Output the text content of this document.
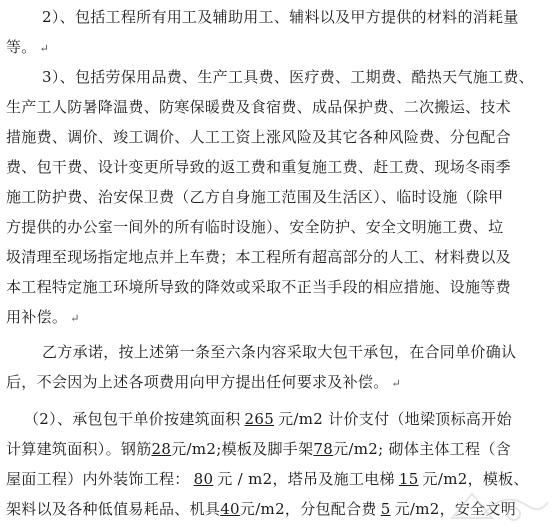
2）、包括工程所有用工及辅助用工、辅料以及甲方提供的材料的消耗量
等。 ↵
3）、包括劳保用品费、生产工具费、医疗费、工期费、酷热天气施工费、
生产工人防暑降温费、防寒保暖费及食宿费、成品保护费、二次搬运、技术
措施费、调价、竣工调价、人工工资上涨风险及其它各种风险费、分包配合
费、包干费、设计变更所导致的返工费和重复施工费、赶工费、现场冬雨季
施工防护费、治安保卫费（乙方自身施工范围及生活区）、临时设施（除甲
方提供的办公室一间外的所有临时设施）、安全防护、安全文明施工费、垃
圾清理至现场指定地点并上车费；本工程所有超高部分的人工、材料费以及
本工程特定施工环境所导致的降效或采取不正当手段的相应措施、设施等费
用补偿。 ↵
乙方承诺，按上述第一条至六条内容采取大包干承包，在合同单价确认
后，不会因为上述各项费用向甲方提出任何要求及补偿。 ↵
（2）、承包包干单价按建筑面积 265 元/m2 计价支付（地梁顶标高开始
计算建筑面积）。钢筋28元/m2;模板及脚手架78元/m2; 砌体主体工程（含
屋面工程）内外装饰工程： 80 元 / m2，塔吊及施工电梯 15 元/m2，模板、
架料以及各种低值易耗品、机具40元/m2，分包配合费 5 元/m2，安全文明
